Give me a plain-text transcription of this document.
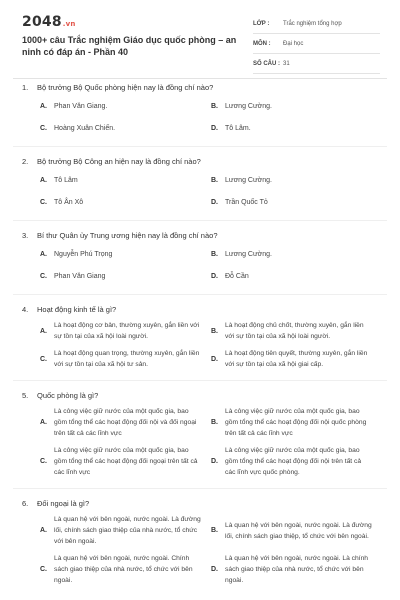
2048.vn
1000+ câu Trắc nghiệm Giáo dục quốc phòng – an ninh có đáp án - Phần 40
LỚP :	Trắc nghiệm tổng hợp
MÔN :	Đại học
SỐ CÂU : 31
1.	Bộ trưởng Bộ Quốc phòng hiện nay là đồng chí nào?
A.	Phan Văn Giang.	B.	Lương Cường.
C.	Hoàng Xuân Chiến.	D.	Tô Lâm.
2.	Bộ trưởng Bộ Công an hiện nay là đồng chí nào?
A.	Tô Lâm	B.	Lương Cường.
C.	Tô Ân Xô	D.	Trần Quốc Tỏ
3.	Bí thư Quân ủy Trung ương hiện nay là đồng chí nào?
A.	Nguyễn Phú Trọng	B.	Lương Cường.
C.	Phan Văn Giang	D.	Đỗ Cần
4.	Hoạt động kinh tế là gì?
A.
Là hoạt động cơ bản, thường xuyên, gắn liền với sự tồn tại của xã hội loài người.
B.
Là hoạt động chủ chốt, thường xuyên, gắn liền với sự tồn tại của xã hội loài người.
C.
Là hoạt động quan trọng, thường xuyên, gắn liền với sự tồn tại của xã hội tư sản.
D.
Là hoạt động tiên quyết, thường xuyên, gắn liền với sự tồn tại của xã hội giai cấp.
5.	Quốc phòng là gì?
A.
Là công việc giữ nước của một quốc gia, bao gồm tổng thể các hoạt động đối nội và đối ngoại trên tất cả các lĩnh vực
B.
Là công việc giữ nước của một quốc gia, bao gồm tổng thể các hoạt động đối nội quốc phòng trên tất cả các lĩnh vực
C.
Là công việc giữ nước của một quốc gia, bao gồm tổng thể các hoạt động đối ngoại trên tất cả các lĩnh vực
D.
Là công việc giữ nước của một quốc gia, bao gồm tổng thể các hoạt động đối nội trên tất cả các lĩnh vực quốc phòng.
6.	Đối ngoại là gì?
A.
Là quan hệ với bên ngoài, nước ngoài. Là đường lối, chính sách giao thiệp của nhà nước, tổ chức với bên ngoài.
B.
Là quan hệ với bên ngoài, nước ngoài. Là đường lối, chính sách giao thiệp, tổ chức với bên ngoài.
C.
Là quan hệ với bên ngoài, nước ngoài. Chính sách giao thiệp của nhà nước, tổ chức với bên ngoài.
D.
Là quan hệ với bên ngoài, nước ngoài. Là chính sách giao thiệp của nhà nước, tổ chức với bên ngoài.
